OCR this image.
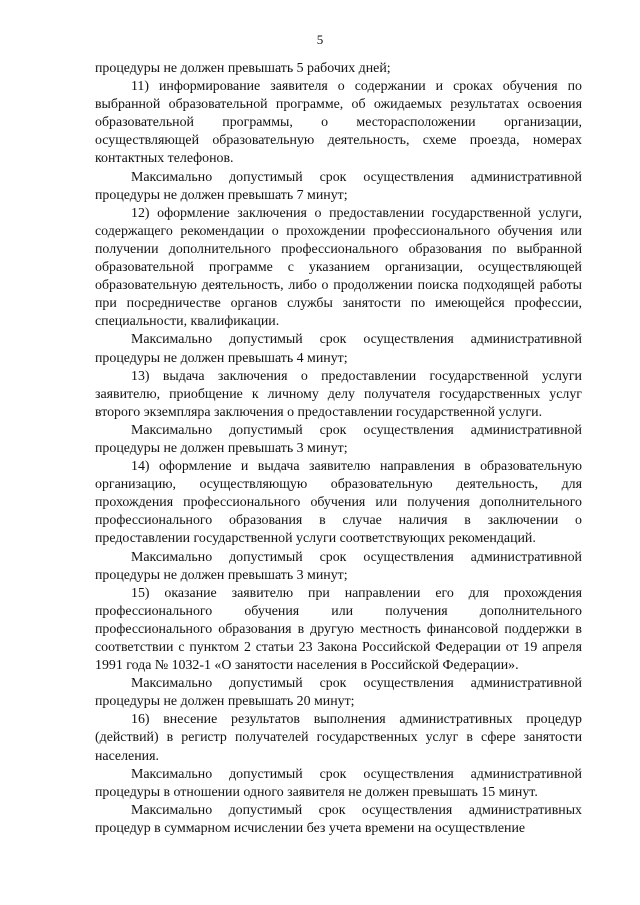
5

процедуры не должен превышать 5 рабочих дней;

11) информирование заявителя о содержании и сроках обучения по выбранной образовательной программе, об ожидаемых результатах освоения образовательной программы, о месторасположении организации, осуществляющей образовательную деятельность, схеме проезда, номерах контактных телефонов.

Максимально допустимый срок осуществления административной процедуры не должен превышать 7 минут;

12) оформление заключения о предоставлении государственной услуги, содержащего рекомендации о прохождении профессионального обучения или получении дополнительного профессионального образования по выбранной образовательной программе с указанием организации, осуществляющей образовательную деятельность, либо о продолжении поиска подходящей работы при посредничестве органов службы занятости по имеющейся профессии, специальности, квалификации.

Максимально допустимый срок осуществления административной процедуры не должен превышать 4 минут;

13) выдача заключения о предоставлении государственной услуги заявителю, приобщение к личному делу получателя государственных услуг второго экземпляра заключения о предоставлении государственной услуги.

Максимально допустимый срок осуществления административной процедуры не должен превышать 3 минут;

14) оформление и выдача заявителю направления в образовательную организацию, осуществляющую образовательную деятельность, для прохождения профессионального обучения или получения дополнительного профессионального образования в случае наличия в заключении о предоставлении государственной услуги соответствующих рекомендаций.

Максимально допустимый срок осуществления административной процедуры не должен превышать 3 минут;

15) оказание заявителю при направлении его для прохождения профессионального обучения или получения дополнительного профессионального образования в другую местность финансовой поддержки в соответствии с пунктом 2 статьи 23 Закона Российской Федерации от 19 апреля 1991 года № 1032-1 «О занятости населения в Российской Федерации».

Максимально допустимый срок осуществления административной процедуры не должен превышать 20 минут;

16) внесение результатов выполнения административных процедур (действий) в регистр получателей государственных услуг в сфере занятости населения.

Максимально допустимый срок осуществления административной процедуры в отношении одного заявителя не должен превышать 15 минут.

Максимально допустимый срок осуществления административных процедур в суммарном исчислении без учета времени на осуществление
